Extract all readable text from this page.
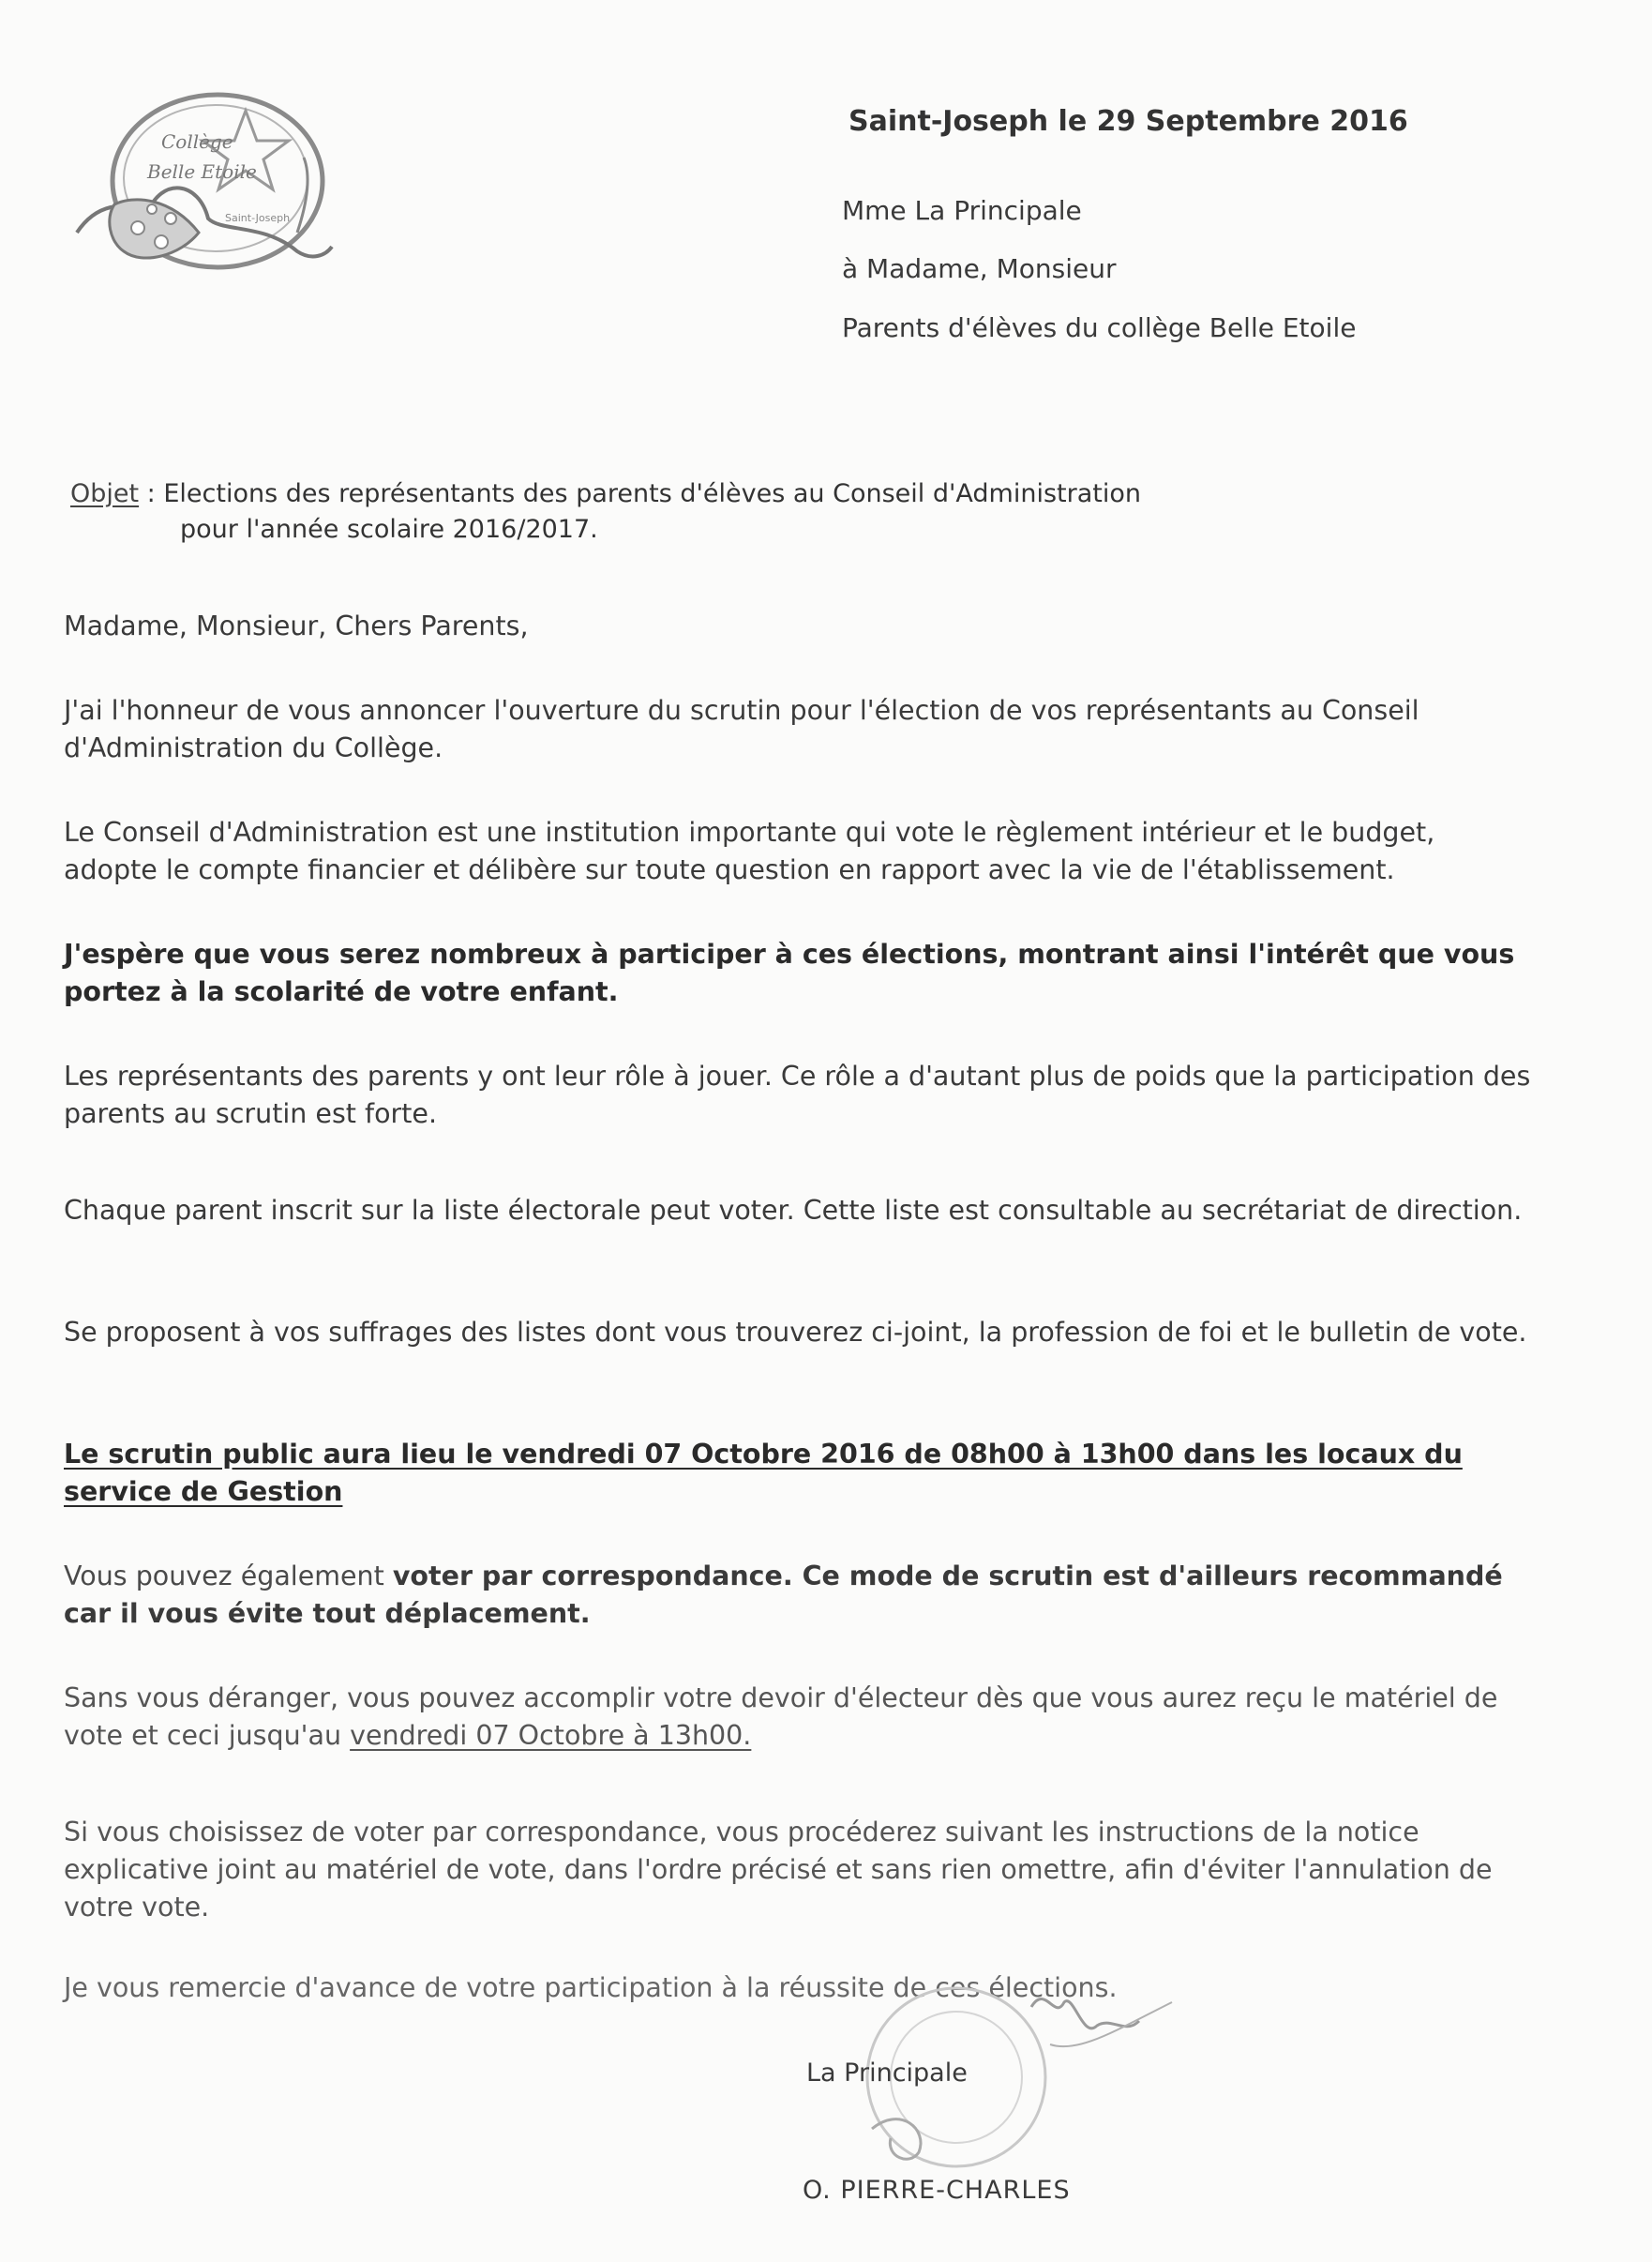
Collège
Belle Etoile
Saint-Joseph
Saint-Joseph le 29 Septembre 2016
Mme La Principale
à Madame, Monsieur
Parents d'élèves du collège Belle Etoile
Objet : Elections des représentants des parents d'élèves au Conseil d'Administration
pour l'année scolaire 2016/2017.
Madame, Monsieur, Chers Parents,
J'ai l'honneur de vous annoncer l'ouverture du scrutin pour l'élection de vos représentants au Conseil d'Administration du Collège.
Le Conseil d'Administration est une institution importante qui vote le règlement intérieur et le budget, adopte le compte financier et délibère sur toute question en rapport avec la vie de l'établissement.
J'espère que vous serez nombreux à participer à ces élections, montrant ainsi l'intérêt que vous portez à la scolarité de votre enfant.
Les représentants des parents y ont leur rôle à jouer. Ce rôle a d'autant plus de poids que la participation des parents au scrutin est forte.
Chaque parent inscrit sur la liste électorale peut voter. Cette liste est consultable au secrétariat de direction.
Se proposent à vos suffrages des listes dont vous trouverez ci-joint, la profession de foi et le bulletin de vote.
Le scrutin public aura lieu le vendredi 07 Octobre 2016 de 08h00 à 13h00 dans les locaux du service de Gestion
Vous pouvez également voter par correspondance. Ce mode de scrutin est d'ailleurs recommandé car il vous évite tout déplacement.
Sans vous déranger, vous pouvez accomplir votre devoir d'électeur dès que vous aurez reçu le matériel de vote et ceci jusqu'au vendredi 07 Octobre à 13h00.
Si vous choisissez de voter par correspondance, vous procéderez suivant les instructions de la notice explicative joint au matériel de vote, dans l'ordre précisé et sans rien omettre, afin d'éviter l'annulation de votre vote.
Je vous remercie d'avance de votre participation à la réussite de ces élections.
La Principale
O. PIERRE-CHARLES
